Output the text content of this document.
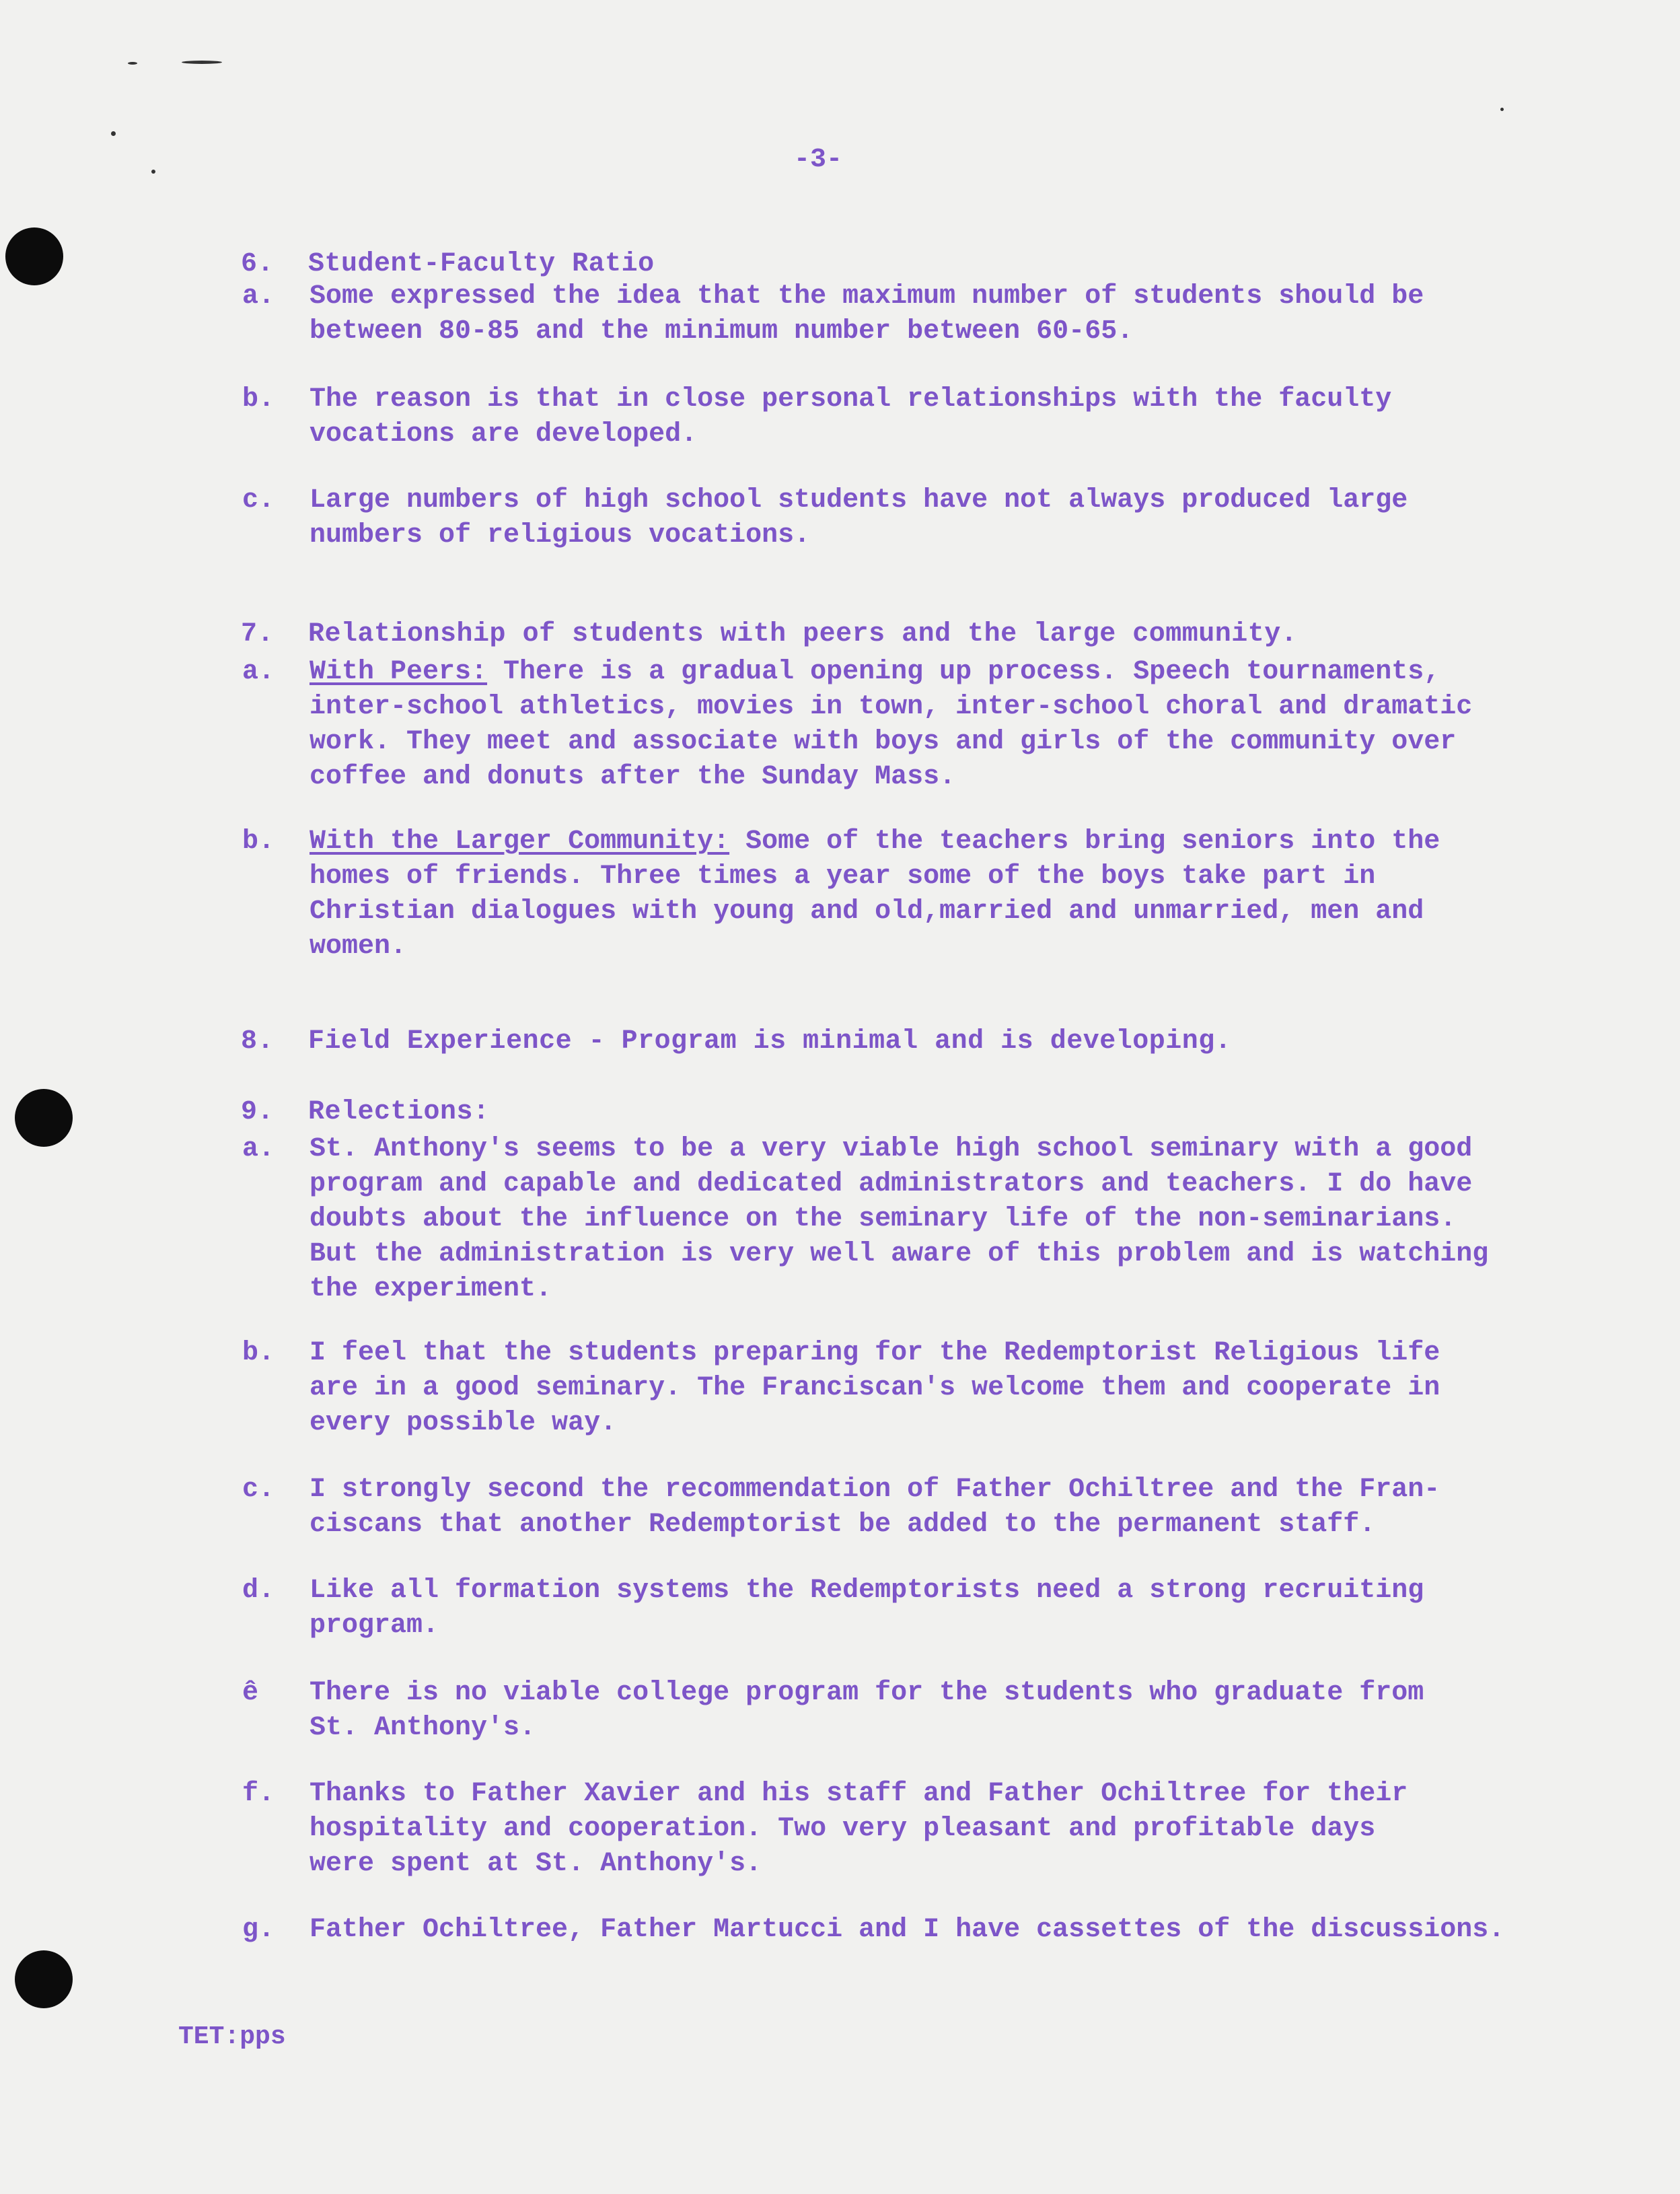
-3-

6. Student-Faculty Ratio

a.	Some expressed the idea that the maximum number of students should be
between 80-85 and the minimum number between 60-65.
b.	The reason is that in close personal relationships with the faculty
vocations are developed.
c.	Large numbers of high school students have not always produced large
numbers of religious vocations.

7. Relationship of students with peers and the large community.

a.	With Peers: There is a gradual opening up process. Speech tournaments,
inter-school athletics, movies in town, inter-school choral and dramatic
work. They meet and associate with boys and girls of the community over
coffee and donuts after the Sunday Mass.
b.	With the Larger Community: Some of the teachers bring seniors into the
homes of friends. Three times a year some of the boys take part in
Christian dialogues with young and old,married and unmarried, men and
women.

8. Field Experience - Program is minimal and is developing.

9. Relections:

a.	St. Anthony's seems to be a very viable high school seminary with a good
program and capable and dedicated administrators and teachers. I do have
doubts about the influence on the seminary life of the non-seminarians.
But the administration is very well aware of this problem and is watching
the experiment.
b.	I feel that the students preparing for the Redemptorist Religious life
are in a good seminary. The Franciscan's welcome them and cooperate in
every possible way.
c.	I strongly second the recommendation of Father Ochiltree and the Fran-
ciscans that another Redemptorist be added to the permanent staff.
d.	Like all formation systems the Redemptorists need a strong recruiting
program.
ê	There is no viable college program for the students who graduate from
St. Anthony's.
f.	Thanks to Father Xavier and his staff and Father Ochiltree for their
hospitality and cooperation. Two very pleasant and profitable days
were spent at St. Anthony's.
g.	Father Ochiltree, Father Martucci and I have cassettes of the discussions.
TET:pps
